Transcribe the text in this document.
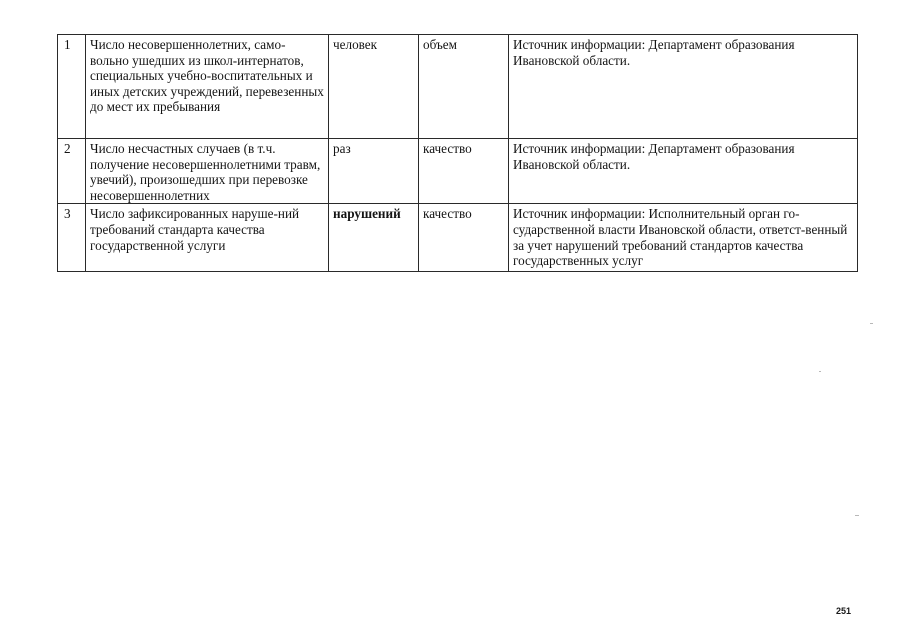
1	Число несовершеннолетних, само-вольно ушедших из школ-интернатов, специальных учебно-воспитательных и иных детских учреждений, перевезенных до мест их пребывания	человек	объем	Источник информации: Департамент образования Ивановской области.
2	Число несчастных случаев (в т.ч. получение несовершеннолетними травм, увечий), произошедших при перевозке несовершеннолетних	раз	качество	Источник информации: Департамент образования Ивановской области.
3	Число зафиксированных наруше-ний требований стандарта качества государственной услуги	нарушений	качество	Источник информации: Исполнительный орган го-сударственной власти Ивановской области, ответст-венный за учет нарушений требований стандартов качества государственных услуг
251
